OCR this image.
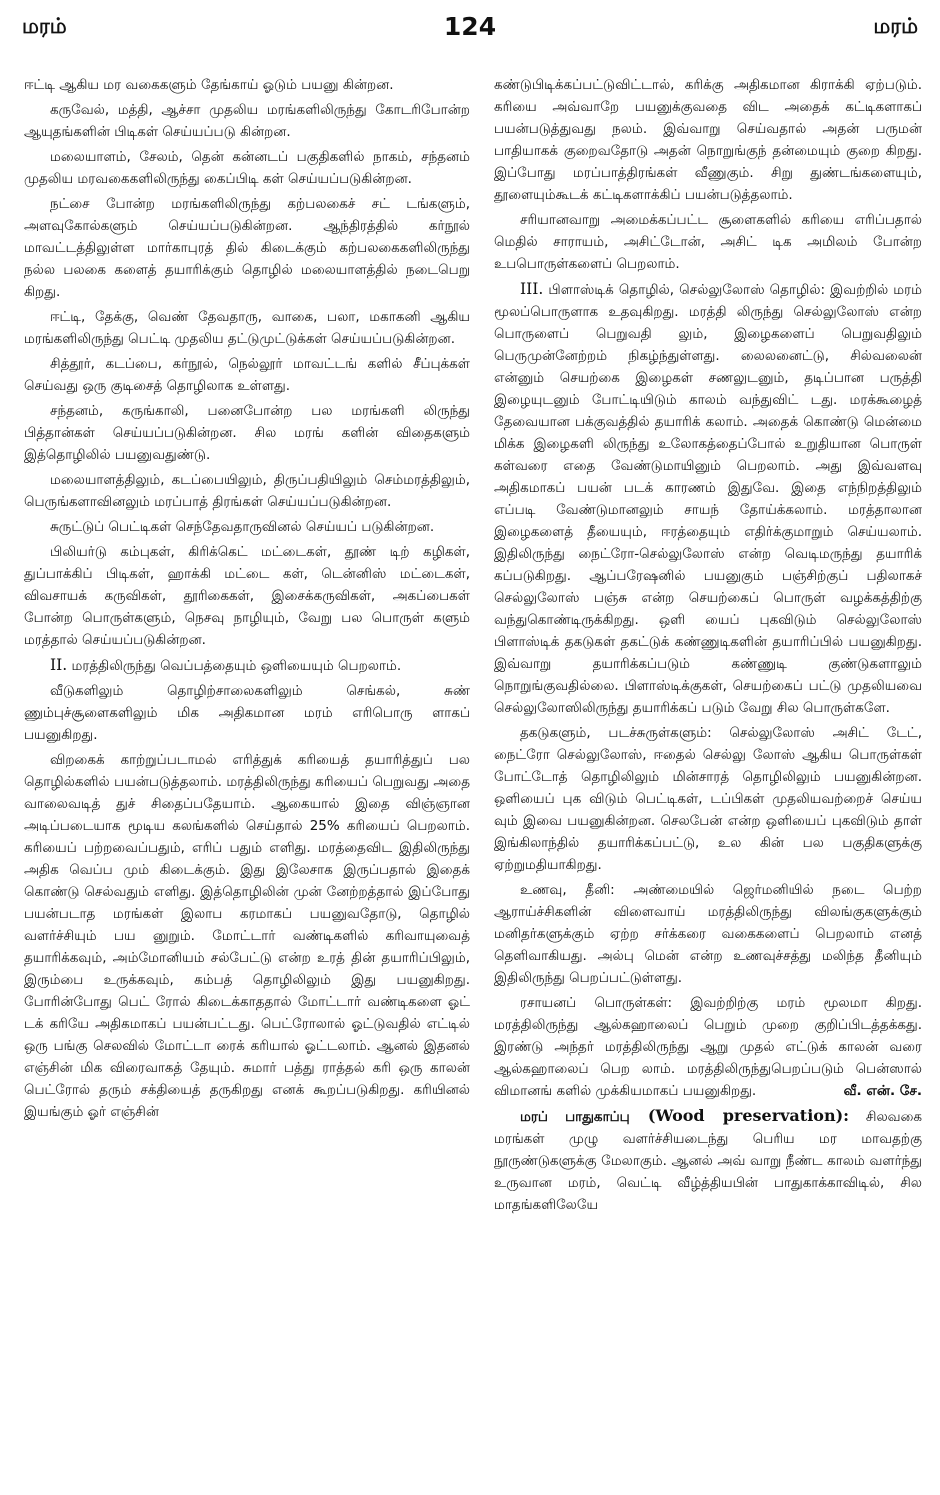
மரம்	124	மரம்

ஈட்டி ஆகிய மர வகைகளும் தேங்காய் ஓடும் பயனு கின்றன.

கருவேல், மத்தி, ஆச்சா முதலிய மரங்களிலிருந்து கோடரிபோன்ற ஆயுதங்களின் பிடிகள் செய்யப்படு கின்றன.

மலையாளம், சேலம், தென் கன்னடப் பகுதிகளில் நாகம், சந்தனம் முதலிய மரவகைகளிலிருந்து கைப்பிடி கள் செய்யப்படுகின்றன.

நட்சை போன்ற மரங்களிலிருந்து கற்பலகைச் சட் டங்களும், அளவுகோல்களும் செய்யப்படுகின்றன. ஆந்திரத்தில் கர்நூல் மாவட்டத்திலுள்ள மார்காபுரத் தில் கிடைக்கும் கற்பலகைகளிலிருந்து நல்ல பலகை களைத் தயாரிக்கும் தொழில் மலையாளத்தில் நடைபெறு கிறது.

ஈட்டி, தேக்கு, வெண் தேவதாரு, வாகை, பலா, மகாகனி ஆகிய மரங்களிலிருந்து பெட்டி முதலிய தட்டுமுட்டுக்கள் செய்யப்படுகின்றன.

சித்தூர், கடப்பை, கர்நூல், நெல்லூர் மாவட்டங் களில் சீப்புக்கள் செய்வது ஒரு குடிசைத் தொழிலாக உள்ளது.

சந்தனம், கருங்காலி, பனைபோன்ற பல மரங்களி லிருந்து பித்தான்கள் செய்யப்படுகின்றன. சில மரங் களின் விதைகளும் இத்தொழிலில் பயனுவதுண்டு.

மலையாளத்திலும், கடப்பையிலும், திருப்பதியிலும் செம்மரத்திலும், பெருங்களாவினலும் மரப்பாத் திரங்கள் செய்யப்படுகின்றன.

சுருட்டுப் பெட்டிகள் செந்தேவதாருவினல் செய்யப் படுகின்றன.

பிலியர்டு கம்புகள், கிரிக்கெட் மட்டைகள், தூண் டிற் கழிகள், துப்பாக்கிப் பிடிகள், ஹாக்கி மட்டை கள், டென்னிஸ் மட்டைகள், விவசாயக் கருவிகள், தூரிகைகள், இசைக்கருவிகள், அகப்பைகள் போன்ற பொருள்களும், நெசவு நாழியும், வேறு பல பொருள் களும் மரத்தால் செய்யப்படுகின்றன.

II. மரத்திலிருந்து வெப்பத்தையும் ஒளியையும் பெறலாம்.

வீடுகளிலும் தொழிற்சாலைகளிலும் செங்கல், சுண் ணும்புச்சூளைகளிலும் மிக அதிகமான மரம் எரிபொரு ளாகப் பயனுகிறது.

விறகைக் காற்றுப்படாமல் எரித்துக் கரியைத் தயாரித்துப் பல தொழில்களில் பயன்படுத்தலாம். மரத்திலிருந்து கரியைப் பெறுவது அதை வாலைவடித் துச் சிதைப்பதேயாம். ஆகையால் இதை விஞ்ஞான அடிப்படையாக மூடிய கலங்களில் செய்தால் 25% கரியைப் பெறலாம். கரியைப் பற்றவைப்பதும், எரிப் பதும் எளிது. மரத்தைவிட இதிலிருந்து அதிக வெப்ப மும் கிடைக்கும். இது இலேசாக இருப்பதால் இதைக் கொண்டு செல்வதும் எளிது. இத்தொழிலின் முன் னேற்றத்தால் இப்போது பயன்படாத மரங்கள் இலாப கரமாகப் பயனுவதோடு, தொழில் வளர்ச்சியும் பய னுறும். மோட்டார் வண்டிகளில் கரிவாயுவைத் தயாரிக்கவும், அம்மோனியம் சல்பேட்டு என்ற உரத் தின் தயாரிப்பிலும், இரும்பை உருக்கவும், கம்பத் தொழிலிலும் இது பயனுகிறது. போரின்போது பெட் ரோல் கிடைக்காததால் மோட்டார் வண்டிகளை ஓட் டக் கரியே அதிகமாகப் பயன்பட்டது. பெட்ரோலால் ஓட்டுவதில் எட்டில் ஒரு பங்கு செலவில் மோட்டா ரைக் கரியால் ஓட்டலாம். ஆனல் இதனல் எஞ்சின் மிக விரைவாகத் தேயும். சுமார் பத்து ராத்தல் கரி ஒரு காலன் பெட்ரோல் தரும் சக்தியைத் தருகிறது எனக் கூறப்படுகிறது. கரியினல் இயங்கும் ஓர் எஞ்சின்

கண்டுபிடிக்கப்பட்டுவிட்டால், கரிக்கு அதிகமான கிராக்கி ஏற்படும். கரியை அவ்வாறே பயனுக்குவதை விட அதைக் கட்டிகளாகப் பயன்படுத்துவது நலம். இவ்வாறு செய்வதால் அதன் பருமன் பாதியாகக் குறைவதோடு அதன் நொறுங்குந் தன்மையும் குறை கிறது. இப்போது மரப்பாத்திரங்கள் வீணுகும். சிறு துண்டங்களையும், தூளையும்கூடக் கட்டிகளாக்கிப் பயன்படுத்தலாம்.

சரியானவாறு அமைக்கப்பட்ட சூளைகளில் கரியை எரிப்பதால் மெதில் சாராயம், அசிட்டோன், அசிட் டிக அமிலம் போன்ற உபபொருள்களைப் பெறலாம்.

III. பிளாஸ்டிக் தொழில், செல்லுலோஸ் தொழில்: இவற்றில் மரம் மூலப்பொருளாக உதவுகிறது. மரத்தி லிருந்து செல்லுலோஸ் என்ற பொருளைப் பெறுவதி லும், இழைகளைப் பெறுவதிலும் பெருமுன்னேற்றம் நிகழ்ந்துள்ளது. லைலனைட்டு, சில்வலைன் என்னும் செயற்கை இழைகள் சணலுடனும், தடிப்பான பருத்தி இழையுடனும் போட்டியிடும் காலம் வந்துவிட் டது. மரக்கூழைத் தேவையான பக்குவத்தில் தயாரிக் கலாம். அதைக் கொண்டு மென்மை மிக்க இழைகளி லிருந்து உலோகத்தைப்போல் உறுதியான பொருள் கள்வரை எதை வேண்டுமாயினும் பெறலாம். அது இவ்வளவு அதிகமாகப் பயன் படக் காரணம் இதுவே. இதை எந்நிறத்திலும் எப்படி வேண்டுமானலும் சாயந் தோய்க்கலாம். மரத்தாலான இழைகளைத் தீயையும், ஈரத்தையும் எதிர்க்குமாறும் செய்யலாம். இதிலிருந்து நைட்ரோ-செல்லுலோஸ் என்ற வெடிமருந்து தயாரிக் கப்படுகிறது. ஆப்பரேஷனில் பயனுகும் பஞ்சிற்குப் பதிலாகச் செல்லுலோஸ் பஞ்சு என்ற செயற்கைப் பொருள் வழக்கத்திற்கு வந்துகொண்டிருக்கிறது. ஒளி யைப் புகவிடும் செல்லுலோஸ் பிளாஸ்டிக் தகடுகள் தகட்டுக் கண்ணுடிகளின் தயாரிப்பில் பயனுகிறது. இவ்வாறு தயாரிக்கப்படும் கண்ணுடி குண்டுகளாலும் நொறுங்குவதில்லை. பிளாஸ்டிக்குகள், செயற்கைப் பட்டு முதலியவை செல்லுலோஸிலிருந்து தயாரிக்கப் படும் வேறு சில பொருள்களே.

தகடுகளும், படச்சுருள்களும்: செல்லுலோஸ் அசிட் டேட், நைட்ரோ செல்லுலோஸ், ஈதைல் செல்லு லோஸ் ஆகிய பொருள்கள் போட்டோத் தொழிலிலும் மின்சாரத் தொழிலிலும் பயனுகின்றன. ஒளியைப் புக விடும் பெட்டிகள், டப்பிகள் முதலியவற்றைச் செய்ய வும் இவை பயனுகின்றன. செலபேன் என்ற ஒளியைப் புகவிடும் தாள் இங்கிலாந்தில் தயாரிக்கப்பட்டு, உல கின் பல பகுதிகளுக்கு ஏற்றுமதியாகிறது.

உணவு, தீனி: அண்மையில் ஜெர்மனியில் நடை பெற்ற ஆராய்ச்சிகளின் விளைவாய் மரத்திலிருந்து விலங்குகளுக்கும் மனிதர்களுக்கும் ஏற்ற சர்க்கரை வகைகளைப் பெறலாம் எனத் தெளிவாகியது. அல்பு மென் என்ற உணவுச்சத்து மலிந்த தீனியும் இதிலிருந்து பெறப்பட்டுள்ளது.

ரசாயனப் பொருள்கள்: இவற்றிற்கு மரம் மூலமா கிறது. மரத்திலிருந்து ஆல்கஹாலைப் பெறும் முறை குறிப்பிடத்தக்கது. இரண்டு அந்தர் மரத்திலிருந்து ஆறு முதல் எட்டுக் காலன் வரை ஆல்கஹாலைப் பெற லாம். மரத்திலிருந்துபெறப்படும் பென்ஸால் விமானங் களில் முக்கியமாகப் பயனுகிறது.	வீ. என். சே.

மரப் பாதுகாப்பு (Wood preservation): சிலவகை மரங்கள் முழு வளர்ச்சியடைந்து பெரிய மர மாவதற்கு நூருண்டுகளுக்கு மேலாகும். ஆனல் அவ் வாறு நீண்ட காலம் வளர்ந்து உருவான மரம், வெட்டி வீழ்த்தியபின் பாதுகாக்காவிடில், சில மாதங்களிலேயே
